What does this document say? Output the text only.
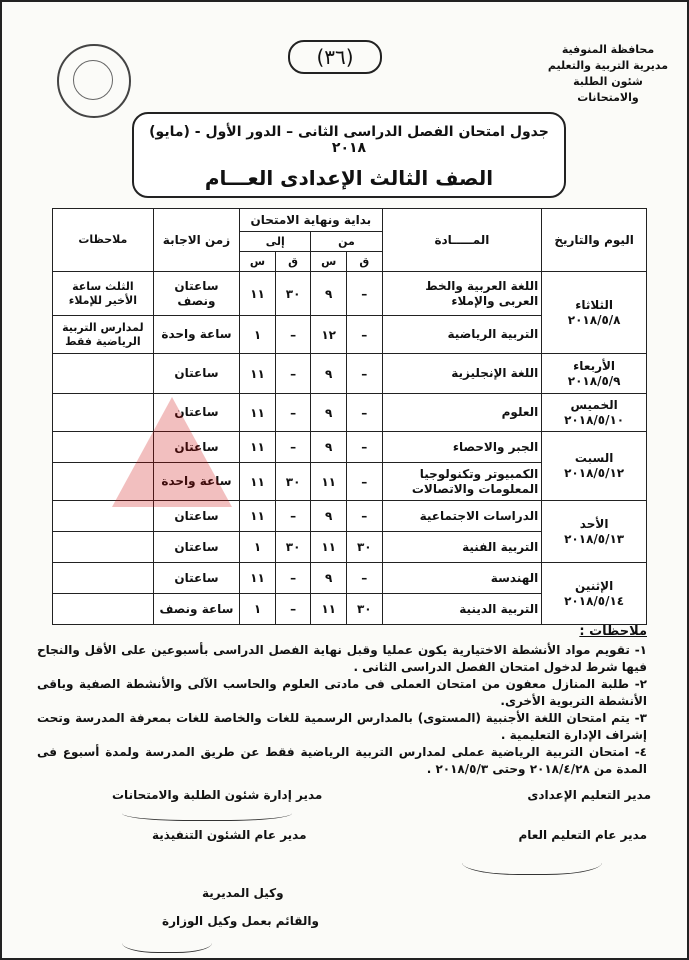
محافظة المنوفية
مديرية التربية والتعليم
شئون الطلبة والامتحانات
(٣٦)
جدول امتحان الفصل الدراسى الثانى – الدور الأول - (مايو) ٢٠١٨
الصف الثالث الإعدادى العـــام
اليوم والتاريخ	المـــــادة	بداية ونهاية الامتحان				زمن الاجابة	ملاحظات
		من		إلى			
		ق	س	ق	س		

الثلاثاء
٢٠١٨/٥/٨	اللغة العربية والخط العربى والإملاء	–	٩	٣٠	١١	ساعتان ونصف	الثلث ساعة الأخير للإملاء
	التربية الرياضية	–	١٢	–	١	ساعة واحدة	لمدارس التربية الرياضية فقط

الأربعاء
٢٠١٨/٥/٩	اللغة الإنجليزية	–	٩	–	١١	ساعتان	

الخميس
٢٠١٨/٥/١٠	العلوم	–	٩	–	١١	ساعتان	

السبت
٢٠١٨/٥/١٢	الجبر والاحصاء	–	٩	–	١١	ساعتان	
	الكمبيوتر وتكنولوجيا المعلومات والاتصالات	–	١١	٣٠	١١	ساعة واحدة	

الأحد
٢٠١٨/٥/١٣	الدراسات الاجتماعية	–	٩	–	١١	ساعتان	
	التربية الفنية	٣٠	١١	٣٠	١	ساعتان	

الإثنين
٢٠١٨/٥/١٤	الهندسة	–	٩	–	١١	ساعتان	
	التربية الدينية	٣٠	١١	–	١	ساعة ونصف	
ملاحظات :

١- تقويم مواد الأنشطة الاختيارية يكون عمليا وقبل نهاية الفصل الدراسى بأسبوعين على الأقل والنجاح فيها شرط لدخول امتحان الفصل الدراسى الثانى .

٢- طلبة المنازل معفون من امتحان العملى فى مادتى العلوم والحاسب الآلى والأنشطة الصفية وباقى الأنشطة التربوية الأخرى.

٣- يتم امتحان اللغة الأجنبية (المستوى) بالمدارس الرسمية للغات والخاصة للغات بمعرفة المدرسة وتحت إشراف الإدارة التعليمية .

٤- امتحان التربية الرياضية عملى لمدارس التربية الرياضية فقط عن طريق المدرسة ولمدة أسبوع فى المدة من ٢٠١٨/٤/٢٨ وحتى ٢٠١٨/٥/٣ .

مدير التعليم الإعدادى
مدير إدارة شئون الطلبة والامتحانات
مدير عام التعليم العام
مدير عام الشئون التنفيذية
وكيل المديرية
والقائم بعمل وكيل الوزارة
